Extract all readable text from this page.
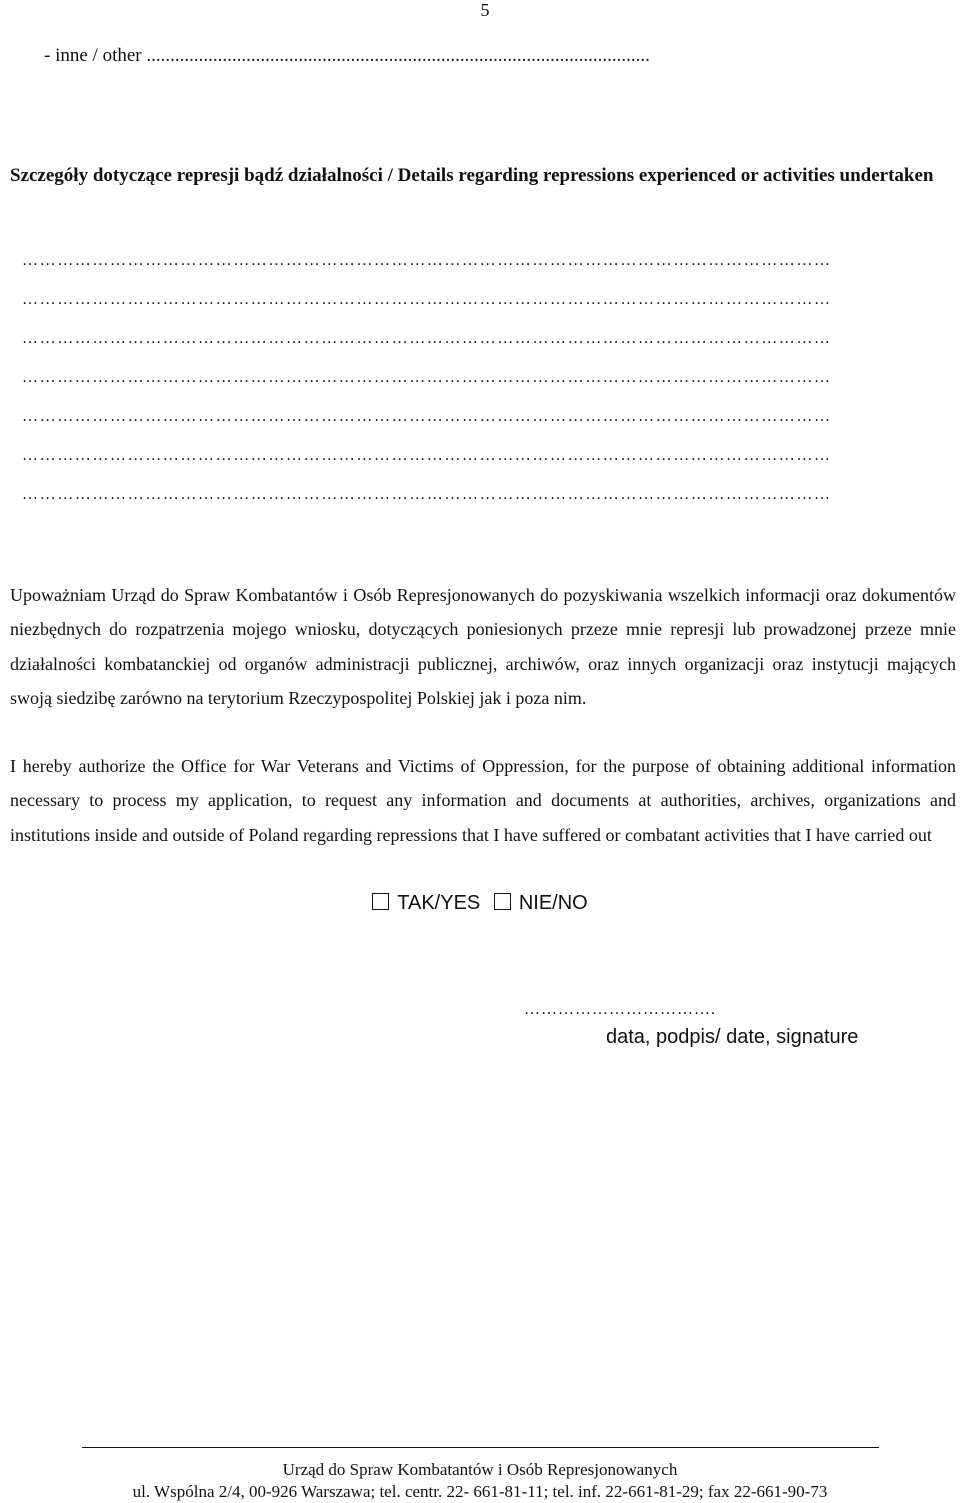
5
- inne / other ..........................................................................................................
Szczegóły dotyczące represji bądź działalności / Details regarding repressions experienced or activities undertaken
…………………………………………………………………………………………………………………………
…………………………………………………………………………………………………………………………
…………………………………………………………………………………………………………………………
…………………………………………………………………………………………………………………………
…………………………………………………………………………………………………………………………
…………………………………………………………………………………………………………………………
…………………………………………………………………………………………………………………………
Upoważniam Urząd do Spraw Kombatantów i Osób Represjonowanych do pozyskiwania wszelkich informacji oraz dokumentów niezbędnych do rozpatrzenia mojego wniosku, dotyczących poniesionych przeze mnie represji lub prowadzonej przeze mnie działalności kombatanckiej od organów administracji publicznej, archiwów, oraz innych organizacji oraz instytucji mających swoją siedzibę zarówno na terytorium Rzeczypospolitej Polskiej jak i poza nim.
I hereby authorize the Office for War Veterans and Victims of Oppression, for the purpose of obtaining additional information necessary to process my application, to request any information and documents at authorities, archives, organizations and institutions inside and outside of Poland regarding repressions that I have suffered or combatant activities that I have carried out
TAK/YES NIE/NO
…………………………….
data, podpis/ date, signature
Urząd do Spraw Kombatantów i Osób Represjonowanych
ul. Wspólna 2/4, 00-926 Warszawa; tel. centr. 22- 661-81-11; tel. inf. 22-661-81-29; fax 22-661-90-73
